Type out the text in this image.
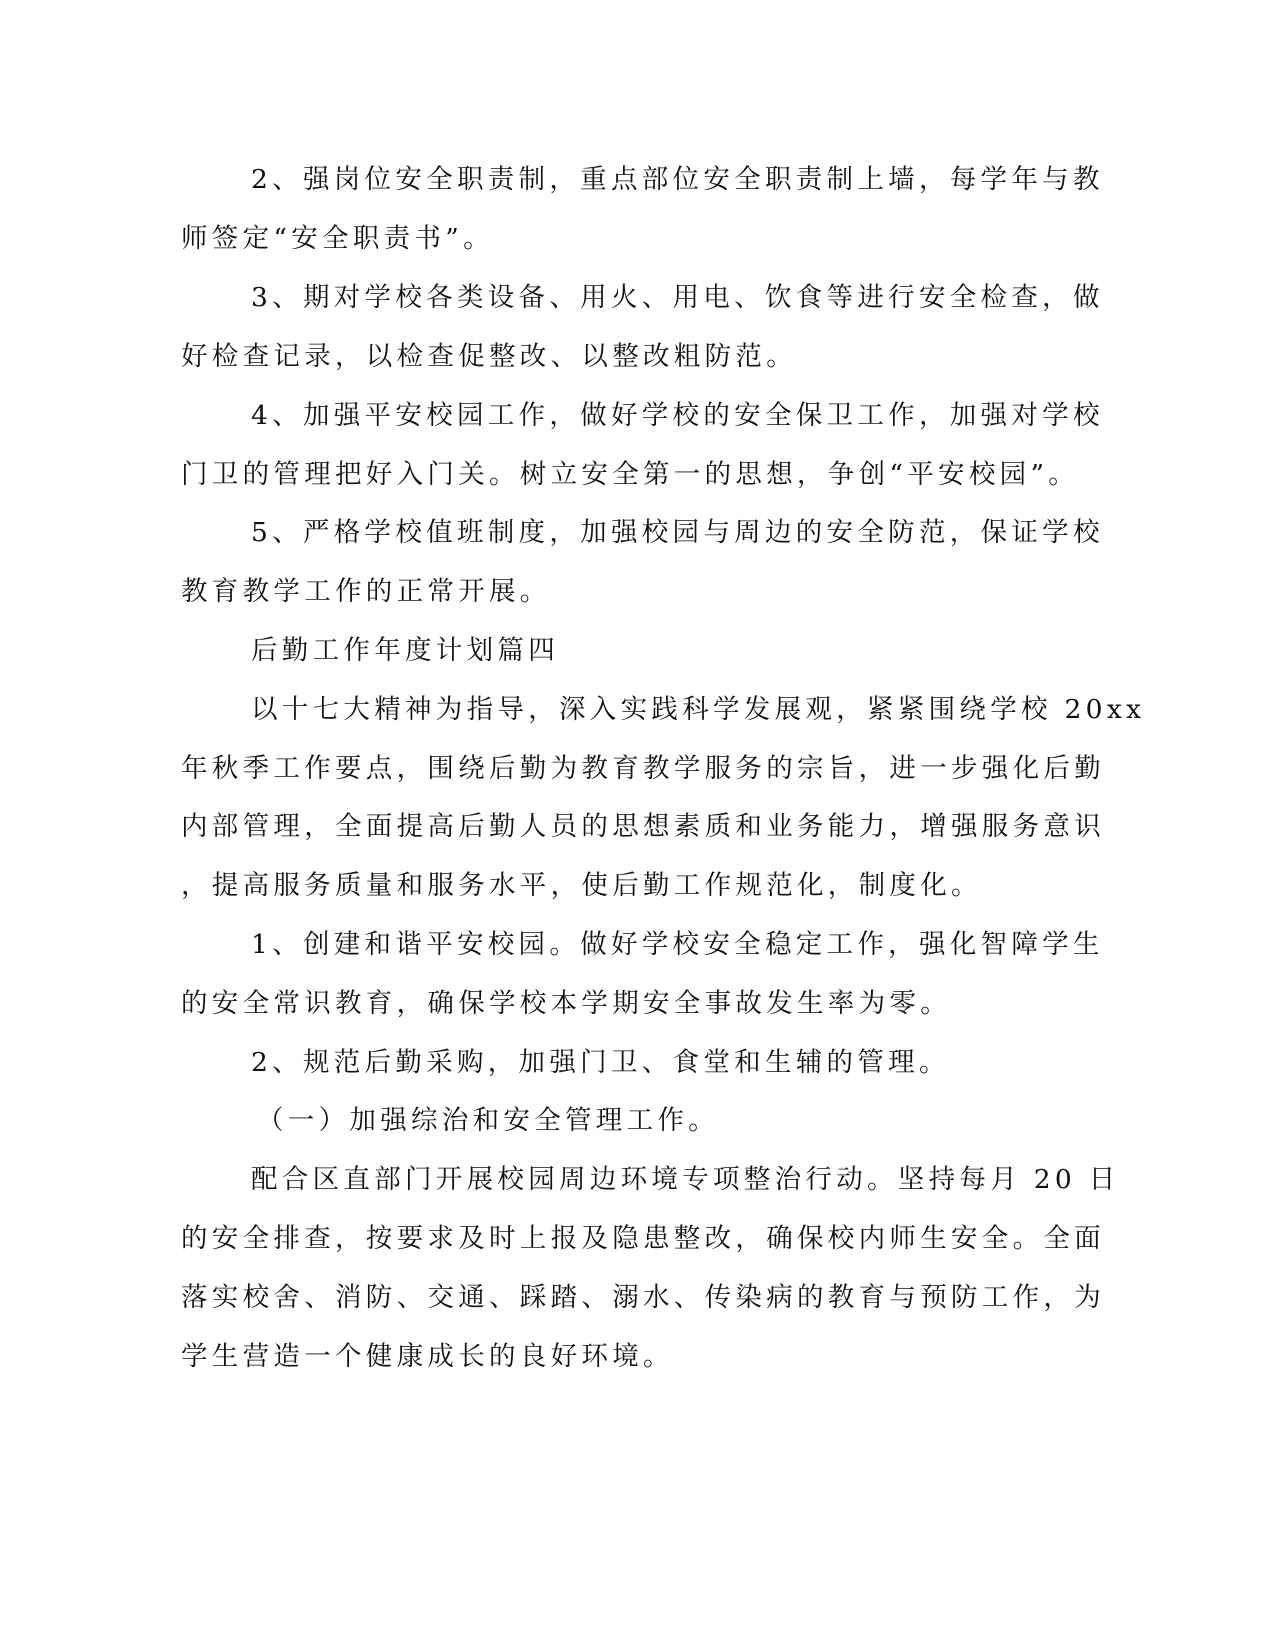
2、强岗位安全职责制，重点部位安全职责制上墙，每学年与教
师签定“安全职责书”。
3、期对学校各类设备、用火、用电、饮食等进行安全检查，做
好检查记录，以检查促整改、以整改粗防范。
4、加强平安校园工作，做好学校的安全保卫工作，加强对学校
门卫的管理把好入门关。树立安全第一的思想，争创“平安校园”。
5、严格学校值班制度，加强校园与周边的安全防范，保证学校
教育教学工作的正常开展。
后勤工作年度计划篇四
以十七大精神为指导，深入实践科学发展观，紧紧围绕学校 20xx
年秋季工作要点，围绕后勤为教育教学服务的宗旨，进一步强化后勤
内部管理，全面提高后勤人员的思想素质和业务能力，增强服务意识
，提高服务质量和服务水平，使后勤工作规范化，制度化。
1、创建和谐平安校园。做好学校安全稳定工作，强化智障学生
的安全常识教育，确保学校本学期安全事故发生率为零。
2、规范后勤采购，加强门卫、食堂和生辅的管理。
（一）加强综治和安全管理工作。
配合区直部门开展校园周边环境专项整治行动。坚持每月 20 日
的安全排查，按要求及时上报及隐患整改，确保校内师生安全。全面
落实校舍、消防、交通、踩踏、溺水、传染病的教育与预防工作，为
学生营造一个健康成长的良好环境。
